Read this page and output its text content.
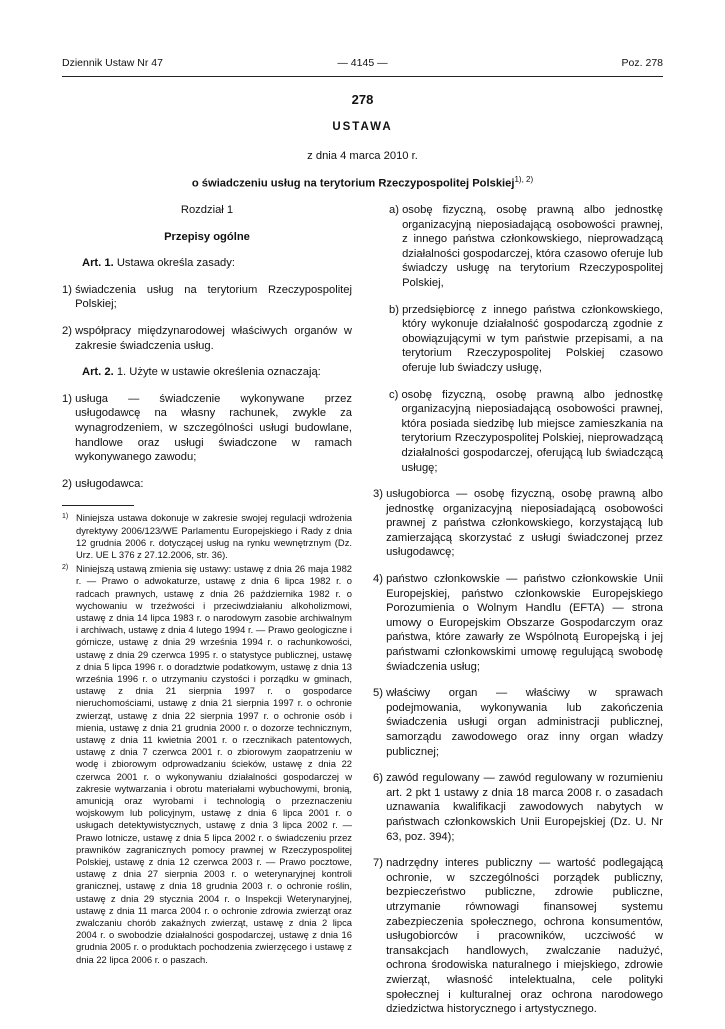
Dziennik Ustaw Nr 47	— 4145 —	Poz. 278
278
USTAWA
z dnia 4 marca 2010 r.
o świadczeniu usług na terytorium Rzeczypospolitej Polskiej$^{1), 2)}$
Rozdział 1
Przepisy ogólne
Art. 1. Ustawa określa zasady:
1) świadczenia usług na terytorium Rzeczypospolitej Polskiej;
2) współpracy międzynarodowej właściwych organów w zakresie świadczenia usług.
Art. 2. 1. Użyte w ustawie określenia oznaczają:
1) usługa — świadczenie wykonywane przez usługodawcę na własny rachunek, zwykle za wynagrodzeniem, w szczególności usługi budowlane, handlowe oraz usługi świadczone w ramach wykonywanego zawodu;
2) usługodawca:
1) Niniejsza ustawa dokonuje w zakresie swojej regulacji wdrożenia dyrektywy 2006/123/WE Parlamentu Europejskiego i Rady z dnia 12 grudnia 2006 r. dotyczącej usług na rynku wewnętrznym (Dz. Urz. UE L 376 z 27.12.2006, str. 36).
2) Niniejszą ustawą zmienia się ustawy: ustawę z dnia 26 maja 1982 r. — Prawo o adwokaturze, ustawę z dnia 6 lipca 1982 r. o radcach prawnych, ustawę z dnia 26 października 1982 r. o wychowaniu w trzeźwości i przeciwdziałaniu alkoholizmowi, ustawę z dnia 14 lipca 1983 r. o narodowym zasobie archiwalnym i archiwach, ustawę z dnia 4 lutego 1994 r. — Prawo geologiczne i górnicze, ustawę z dnia 29 września 1994 r. o rachunkowości, ustawę z dnia 29 czerwca 1995 r. o statystyce publicznej, ustawę z dnia 5 lipca 1996 r. o doradztwie podatkowym, ustawę z dnia 13 września 1996 r. o utrzymaniu czystości i porządku w gminach, ustawę z dnia 21 sierpnia 1997 r. o gospodarce nieruchomościami, ustawę z dnia 21 sierpnia 1997 r. o ochronie zwierząt, ustawę z dnia 22 sierpnia 1997 r. o ochronie osób i mienia, ustawę z dnia 21 grudnia 2000 r. o dozorze technicznym, ustawę z dnia 11 kwietnia 2001 r. o rzecznikach patentowych, ustawę z dnia 7 czerwca 2001 r. o zbiorowym zaopatrzeniu w wodę i zbiorowym odprowadzaniu ścieków, ustawę z dnia 22 czerwca 2001 r. o wykonywaniu działalności gospodarczej w zakresie wytwarzania i obrotu materiałami wybuchowymi, bronią, amunicją oraz wyrobami i technologią o przeznaczeniu wojskowym lub policyjnym, ustawę z dnia 6 lipca 2001 r. o usługach detektywistycznych, ustawę z dnia 3 lipca 2002 r. — Prawo lotnicze, ustawę z dnia 5 lipca 2002 r. o świadczeniu przez prawników zagranicznych pomocy prawnej w Rzeczypospolitej Polskiej, ustawę z dnia 12 czerwca 2003 r. — Prawo pocztowe, ustawę z dnia 27 sierpnia 2003 r. o weterynaryjnej kontroli granicznej, ustawę z dnia 18 grudnia 2003 r. o ochronie roślin, ustawę z dnia 29 stycznia 2004 r. o Inspekcji Weterynaryjnej, ustawę z dnia 11 marca 2004 r. o ochronie zdrowia zwierząt oraz zwalczaniu chorób zakaźnych zwierząt, ustawę z dnia 2 lipca 2004 r. o swobodzie działalności gospodarczej, ustawę z dnia 16 grudnia 2005 r. o produktach pochodzenia zwierzęcego i ustawę z dnia 22 lipca 2006 r. o paszach.
a) osobę fizyczną, osobę prawną albo jednostkę organizacyjną nieposiadającą osobowości prawnej, z innego państwa członkowskiego, nieprowadzącą działalności gospodarczej, która czasowo oferuje lub świadczy usługę na terytorium Rzeczypospolitej Polskiej,
b) przedsiębiorcę z innego państwa członkowskiego, który wykonuje działalność gospodarczą zgodnie z obowiązującymi w tym państwie przepisami, a na terytorium Rzeczypospolitej Polskiej czasowo oferuje lub świadczy usługę,
c) osobę fizyczną, osobę prawną albo jednostkę organizacyjną nieposiadającą osobowości prawnej, która posiada siedzibę lub miejsce zamieszkania na terytorium Rzeczypospolitej Polskiej, nieprowadzącą działalności gospodarczej, oferującą lub świadczącą usługę;
3) usługobiorca — osobę fizyczną, osobę prawną albo jednostkę organizacyjną nieposiadającą osobowości prawnej z państwa członkowskiego, korzystającą lub zamierzającą skorzystać z usługi świadczonej przez usługodawcę;
4) państwo członkowskie — państwo członkowskie Unii Europejskiej, państwo członkowskie Europejskiego Porozumienia o Wolnym Handlu (EFTA) — strona umowy o Europejskim Obszarze Gospodarczym oraz państwa, które zawarły ze Wspólnotą Europejską i jej państwami członkowskimi umowę regulującą swobodę świadczenia usług;
5) właściwy organ — właściwy w sprawach podejmowania, wykonywania lub zakończenia świadczenia usługi organ administracji publicznej, samorządu zawodowego oraz inny organ władzy publicznej;
6) zawód regulowany — zawód regulowany w rozumieniu art. 2 pkt 1 ustawy z dnia 18 marca 2008 r. o zasadach uznawania kwalifikacji zawodowych nabytych w państwach członkowskich Unii Europejskiej (Dz. U. Nr 63, poz. 394);
7) nadrzędny interes publiczny — wartość podlegającą ochronie, w szczególności porządek publiczny, bezpieczeństwo publiczne, zdrowie publiczne, utrzymanie równowagi finansowej systemu zabezpieczenia społecznego, ochrona konsumentów, usługobiorców i pracowników, uczciwość w transakcjach handlowych, zwalczanie nadużyć, ochrona środowiska naturalnego i miejskiego, zdrowie zwierząt, własność intelektualna, cele polityki społecznej i kulturalnej oraz ochrona narodowego dziedzictwa historycznego i artystycznego.
